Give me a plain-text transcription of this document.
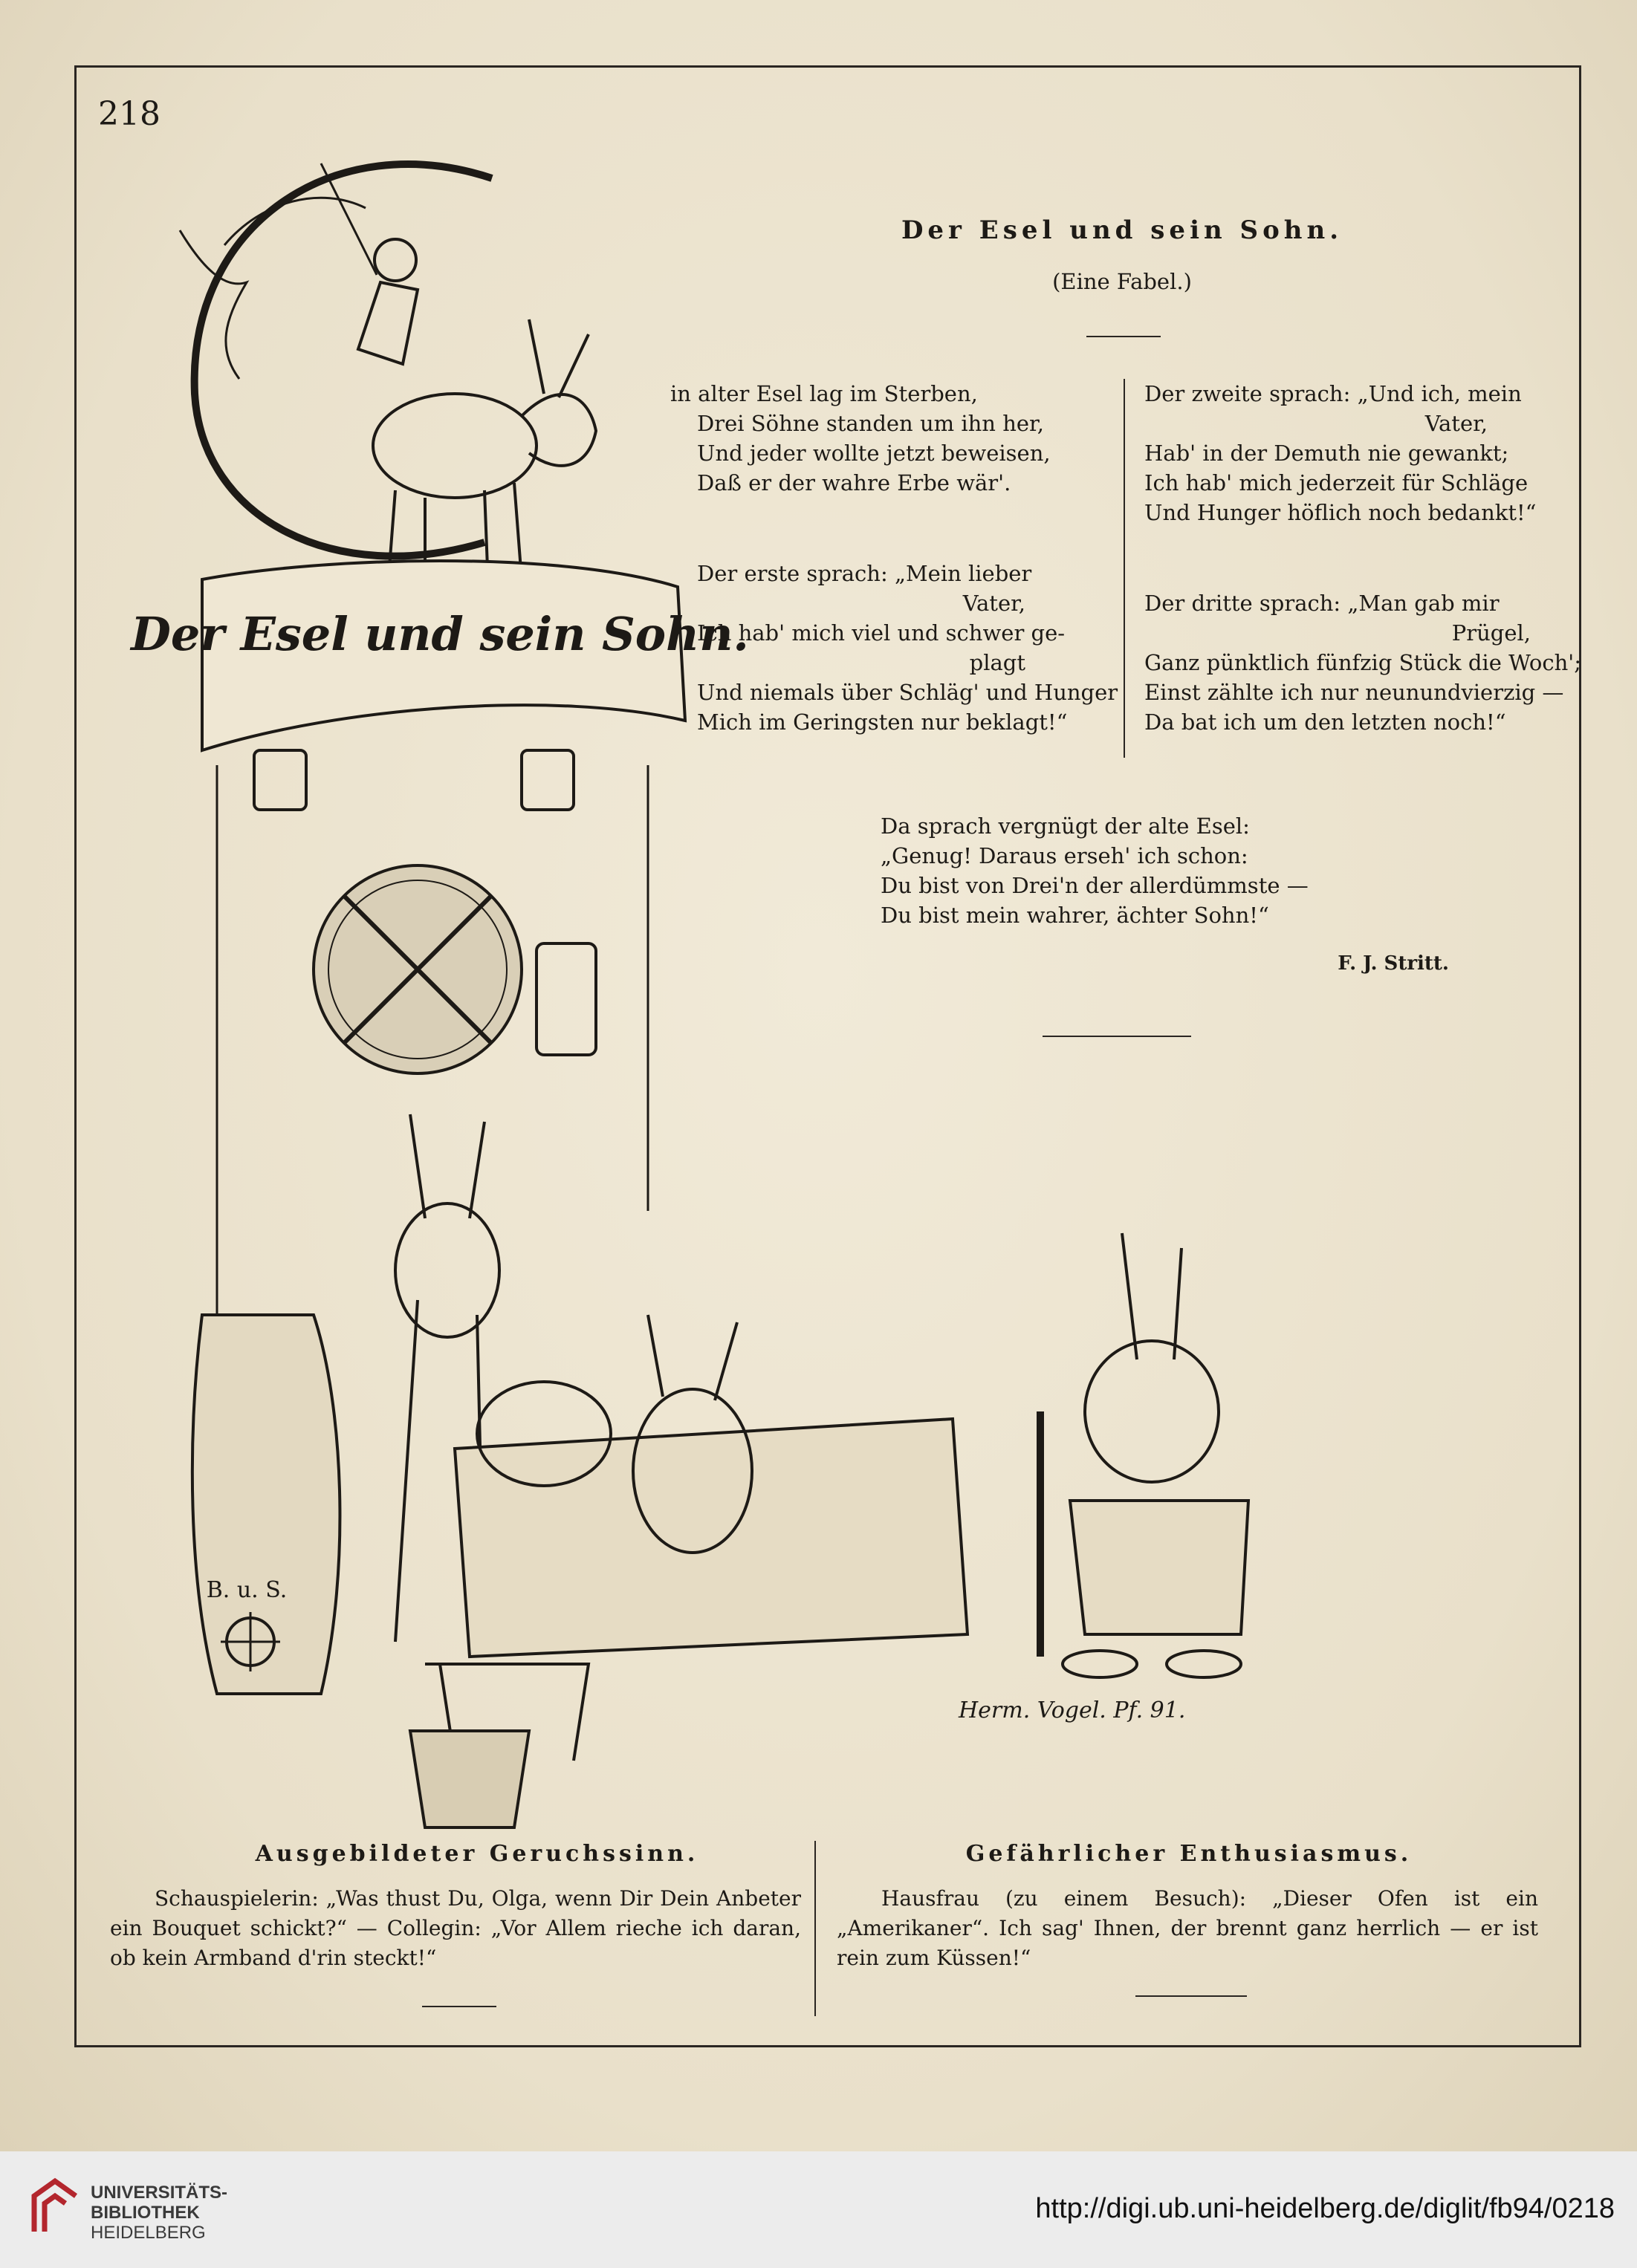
218
Der Esel und sein Sohn.
B. u. S.
Herm. Vogel. Pf. 91.
Der Esel und sein Sohn.
(Eine Fabel.)
in alter Esel lag im Sterben,
Drei Söhne standen um ihn her,
Und jeder wollte jetzt beweisen,
Daß er der wahre Erbe wär'.
Der erste sprach: „Mein lieber
Vater,
Ich hab' mich viel und schwer ge-
plagt
Und niemals über Schläg' und Hunger
Mich im Geringsten nur beklagt!“
Der zweite sprach: „Und ich, mein
Vater,
Hab' in der Demuth nie gewankt;
Ich hab' mich jederzeit für Schläge
Und Hunger höflich noch bedankt!“
Der dritte sprach: „Man gab mir
Prügel,
Ganz pünktlich fünfzig Stück die Woch';
Einst zählte ich nur neunundvierzig —
Da bat ich um den letzten noch!“
Da sprach vergnügt der alte Esel:
„Genug! Daraus erseh' ich schon:
Du bist von Drei'n der allerdümmste —
Du bist mein wahrer, ächter Sohn!“
F. J. Stritt.
Ausgebildeter Geruchssinn.
Schauspielerin: „Was thust Du, Olga, wenn Dir Dein Anbeter ein Bouquet schickt?“ — Collegin: „Vor Allem rieche ich daran, ob kein Armband d'rin steckt!“
Gefährlicher Enthusiasmus.
Hausfrau (zu einem Besuch): „Dieser Ofen ist ein „Amerikaner“. Ich sag' Ihnen, der brennt ganz herrlich — er ist rein zum Küssen!“
UNIVERSITÄTS-
BIBLIOTHEK
HEIDELBERG
http://digi.ub.uni-heidelberg.de/diglit/fb94/0218
